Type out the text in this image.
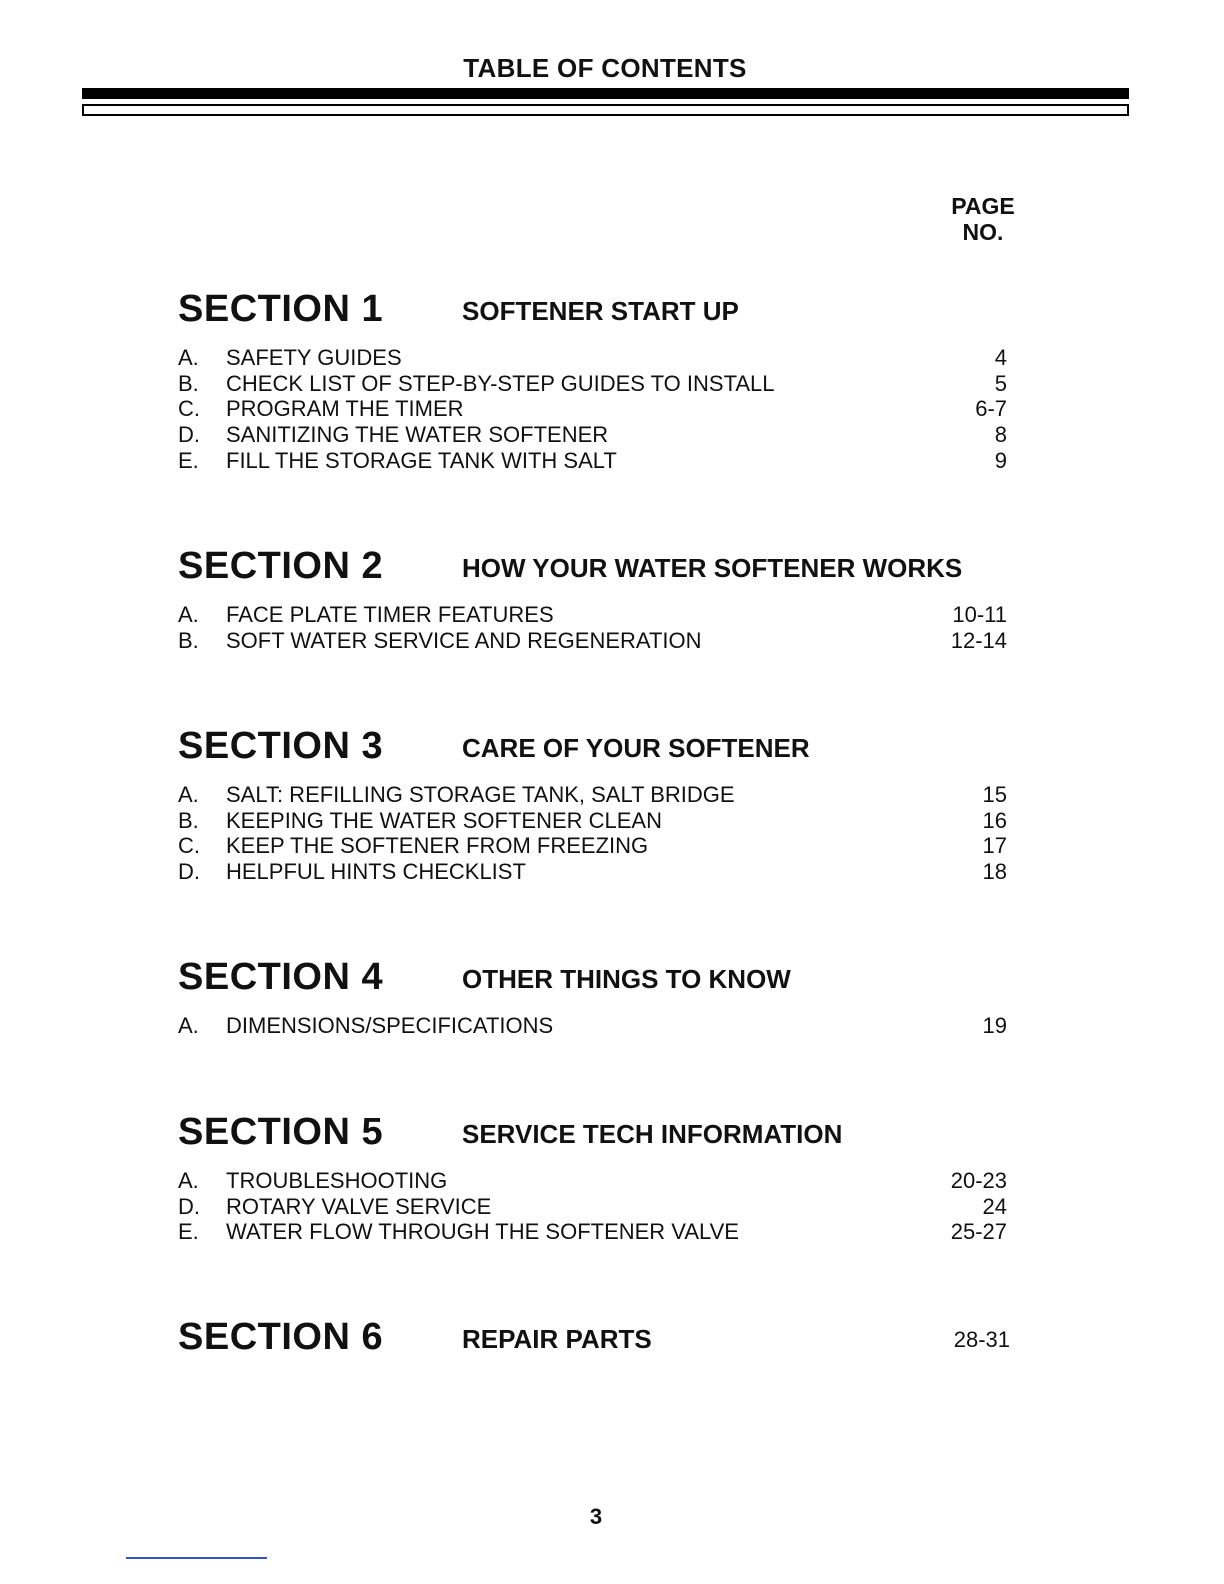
TABLE OF CONTENTS
PAGE
NO.
SECTION 1	SOFTENER START UP
A. SAFETY GUIDES	4
B. CHECK LIST OF STEP-BY-STEP GUIDES TO INSTALL	5
C. PROGRAM THE TIMER	6-7
D. SANITIZING THE WATER SOFTENER	8
E. FILL THE STORAGE TANK WITH SALT	9
SECTION 2	HOW YOUR WATER SOFTENER WORKS
A. FACE PLATE TIMER FEATURES	10-11
B. SOFT WATER SERVICE AND REGENERATION	12-14
SECTION 3	CARE OF YOUR SOFTENER
A. SALT: REFILLING STORAGE TANK, SALT BRIDGE	15
B. KEEPING THE WATER SOFTENER CLEAN	16
C. KEEP THE SOFTENER FROM FREEZING	17
D. HELPFUL HINTS CHECKLIST	18
SECTION 4	OTHER THINGS TO KNOW
A. DIMENSIONS/SPECIFICATIONS	19
SECTION 5	SERVICE TECH INFORMATION
A. TROUBLESHOOTING	20-23
D. ROTARY VALVE SERVICE	24
E. WATER FLOW THROUGH THE SOFTENER VALVE	25-27
SECTION 6	REPAIR PARTS	28-31
3
